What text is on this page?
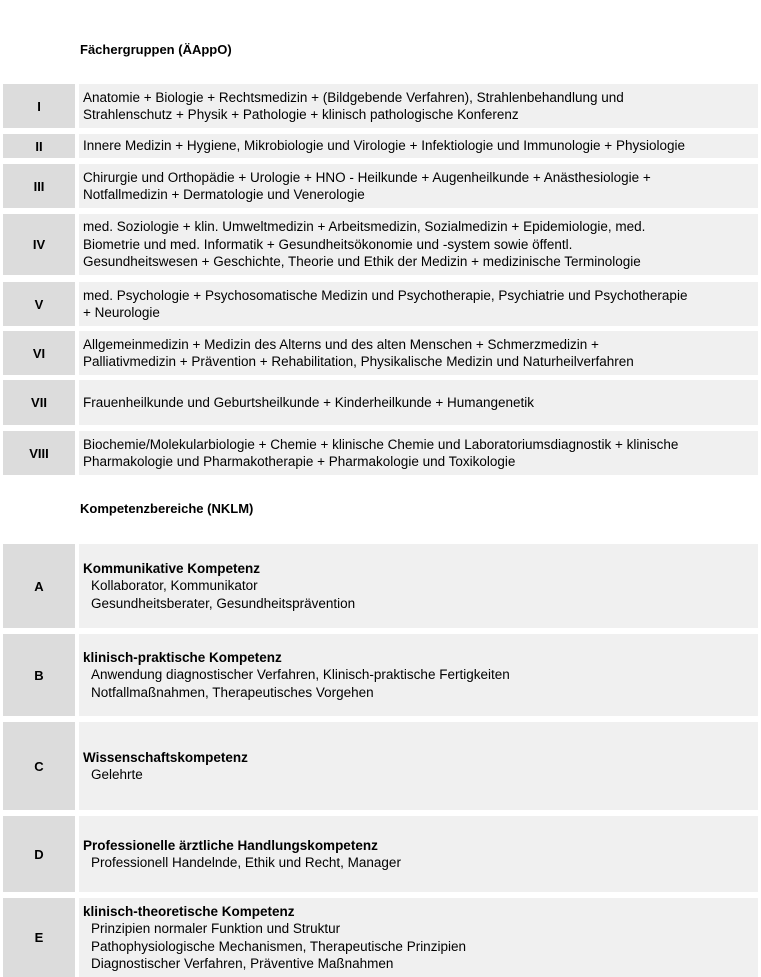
Fächergruppen (ÄAppO)
I
Anatomie + Biologie + Rechtsmedizin + (Bildgebende Verfahren), Strahlenbehandlung und
Strahlenschutz + Physik + Pathologie + klinisch pathologische Konferenz
II	Innere Medizin + Hygiene, Mikrobiologie und Virologie + Infektiologie und Immunologie + Physiologie
III
Chirurgie und Orthopädie + Urologie + HNO - Heilkunde + Augenheilkunde + Anästhesiologie +
Notfallmedizin + Dermatologie und Venerologie
IV
med. Soziologie + klin. Umweltmedizin + Arbeitsmedizin, Sozialmedizin + Epidemiologie, med.
Biometrie und med. Informatik + Gesundheitsökonomie und -system sowie öffentl.
Gesundheitswesen + Geschichte, Theorie und Ethik der Medizin + medizinische Terminologie
V
med. Psychologie + Psychosomatische Medizin und Psychotherapie, Psychiatrie und Psychotherapie
+ Neurologie
VI
Allgemeinmedizin + Medizin des Alterns und des alten Menschen + Schmerzmedizin +
Palliativmedizin + Prävention + Rehabilitation, Physikalische Medizin und Naturheilverfahren
VII	Frauenheilkunde und Geburtsheilkunde + Kinderheilkunde + Humangenetik
VIII
Biochemie/Molekularbiologie + Chemie + klinische Chemie und Laboratoriumsdiagnostik + klinische
Pharmakologie und Pharmakotherapie + Pharmakologie und Toxikologie
Kompetenzbereiche (NKLM)
A
Kommunikative Kompetenz
Kollaborator, Kommunikator
Gesundheitsberater, Gesundheitsprävention
B
klinisch-praktische Kompetenz
Anwendung diagnostischer Verfahren, Klinisch-praktische Fertigkeiten
Notfallmaßnahmen, Therapeutisches Vorgehen
C
Wissenschaftskompetenz
Gelehrte
D
Professionelle ärztliche Handlungskompetenz
Professionell Handelnde, Ethik und Recht, Manager
E
klinisch-theoretische Kompetenz
Prinzipien normaler Funktion und Struktur
Pathophysiologische Mechanismen, Therapeutische Prinzipien
Diagnostischer Verfahren, Präventive Maßnahmen
